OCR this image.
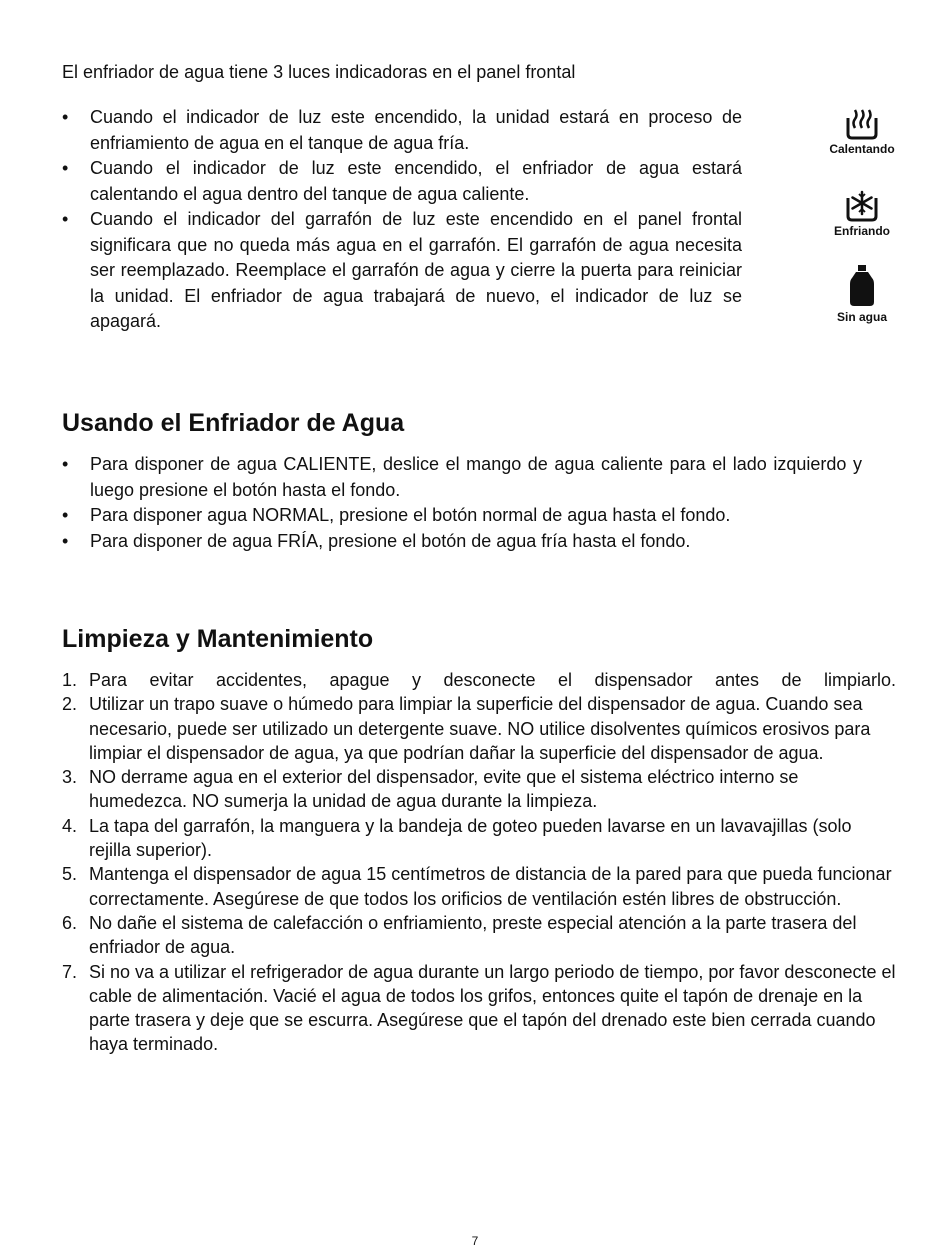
El enfriador de agua tiene 3 luces indicadoras en el panel frontal

• Cuando el indicador de luz este encendido, la unidad estará en proceso de enfriamiento de agua en el tanque de agua fría.
• Cuando el indicador de luz este encendido, el enfriador de agua estará calentando el agua dentro del tanque de agua caliente.
• Cuando el indicador del garrafón de luz este encendido en el panel frontal significara que no queda más agua en el garrafón. El garrafón de agua necesita ser reemplazado. Reemplace el garrafón de agua y cierre la puerta para reiniciar la unidad. El enfriador de agua trabajará de nuevo, el indicador de luz se apagará.
Calentando
Enfriando
Sin agua
Usando el Enfriador de Agua
• Para disponer de agua CALIENTE, deslice el mango de agua caliente para el lado izquierdo y luego presione el botón hasta el fondo.
• Para disponer agua NORMAL, presione el botón normal de agua hasta el fondo.
• Para disponer de agua FRÍA, presione el botón de agua fría hasta el fondo.
Limpieza y Mantenimiento
1. Para evitar accidentes, apague y desconecte el dispensador antes de limpiarlo.
2. Utilizar un trapo suave o húmedo para limpiar la superficie del dispensador de agua. Cuando sea necesario, puede ser utilizado un detergente suave. NO utilice disolventes químicos erosivos para limpiar el dispensador de agua, ya que podrían dañar la superficie del dispensador de agua.
3. NO derrame agua en el exterior del dispensador, evite que el sistema eléctrico interno se humedezca. NO sumerja la unidad de agua durante la limpieza.
4. La tapa del garrafón, la manguera y la bandeja de goteo pueden lavarse en un lavavajillas (solo rejilla superior).
5. Mantenga el dispensador de agua 15 centímetros de distancia de la pared para que pueda funcionar correctamente. Asegúrese de que todos los orificios de ventilación estén libres de obstrucción.
6. No dañe el sistema de calefacción o enfriamiento, preste especial atención a la parte trasera del enfriador de agua.
7. Si no va a utilizar el refrigerador de agua durante un largo periodo de tiempo, por favor desconecte el cable de alimentación. Vacié el agua de todos los grifos, entonces quite el tapón de drenaje en la parte trasera y deje que se escurra. Asegúrese que el tapón del drenado este bien cerrada cuando haya terminado.
7
